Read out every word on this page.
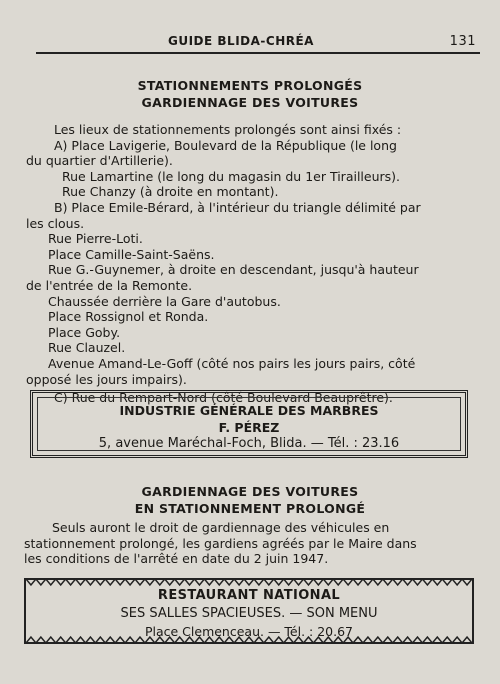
GUIDE BLIDA-CHRÉA	131
STATIONNEMENTS PROLONGÉS
GARDIENNAGE DES VOITURES

Les lieux de stationnements prolongés sont ainsi fixés :

A) Place Lavigerie, Boulevard de la République (le long

du quartier d'Artillerie).

Rue Lamartine (le long du magasin du 1er Tirailleurs).

Rue Chanzy (à droite en montant).

B) Place Emile-Bérard, à l'intérieur du triangle délimité par

les clous.

Rue Pierre-Loti.

Place Camille-Saint-Saëns.

Rue G.-Guynemer, à droite en descendant, jusqu'à hauteur

de l'entrée de la Remonte.

Chaussée derrière la Gare d'autobus.

Place Rossignol et Ronda.

Place Goby.

Rue Clauzel.

Avenue Amand-Le-Goff (côté nos pairs les jours pairs, côté

opposé les jours impairs).

C) Rue du Rempart-Nord (côté Boulevard Beauprêtre).

INDUSTRIE GÉNÉRALE DES MARBRES
F. PÉREZ
5, avenue Maréchal-Foch, Blida. — Tél. : 23.16
GARDIENNAGE DES VOITURES
EN STATIONNEMENT PROLONGÉ

Seuls auront le droit de gardiennage des véhicules en

stationnement prolongé, les gardiens agréés par le Maire dans

les conditions de l'arrêté en date du 2 juin 1947.

RESTAURANT NATIONAL
SES SALLES SPACIEUSES. — SON MENU
Place Clemenceau. — Tél. : 20.67
